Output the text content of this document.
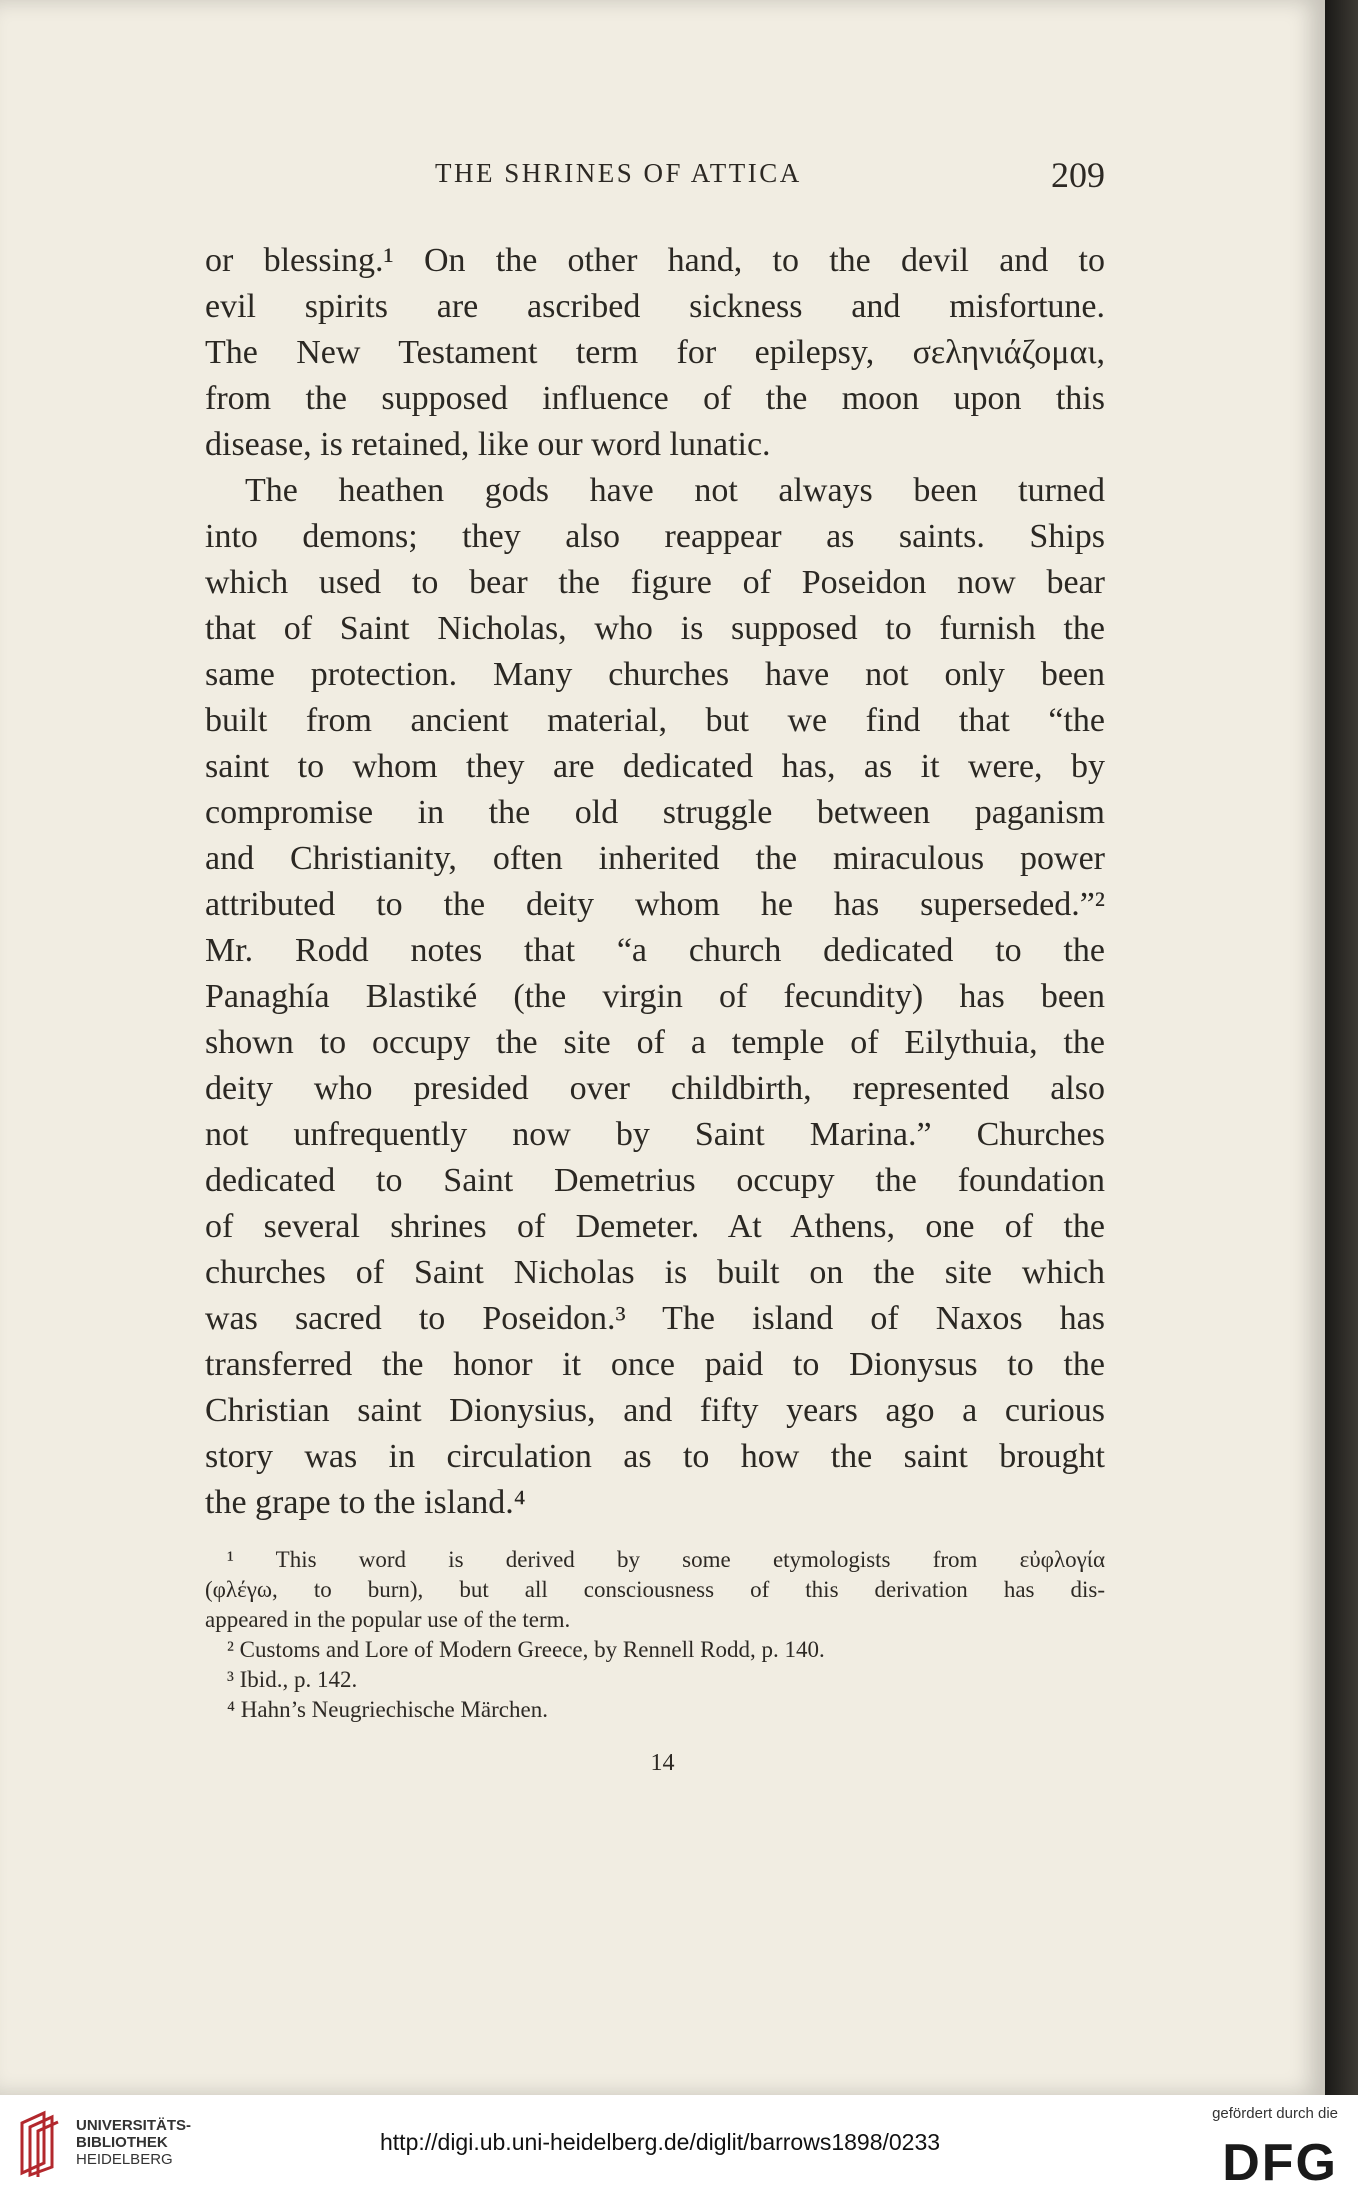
THE SHRINES OF ATTICA	209
or blessing.¹ On the other hand, to the devil and to
evil spirits are ascribed sickness and misfortune.
The New Testament term for epilepsy, σεληνιάζομαι,
from the supposed influence of the moon upon this
disease, is retained, like our word lunatic.
The heathen gods have not always been turned
into demons; they also reappear as saints. Ships
which used to bear the figure of Poseidon now bear
that of Saint Nicholas, who is supposed to furnish the
same protection. Many churches have not only been
built from ancient material, but we find that “the
saint to whom they are dedicated has, as it were, by
compromise in the old struggle between paganism
and Christianity, often inherited the miraculous power
attributed to the deity whom he has superseded.”²
Mr. Rodd notes that “a church dedicated to the
Panaghía Blastiké (the virgin of fecundity) has been
shown to occupy the site of a temple of Eilythuia, the
deity who presided over childbirth, represented also
not unfrequently now by Saint Marina.” Churches
dedicated to Saint Demetrius occupy the foundation
of several shrines of Demeter. At Athens, one of the
churches of Saint Nicholas is built on the site which
was sacred to Poseidon.³ The island of Naxos has
transferred the honor it once paid to Dionysus to the
Christian saint Dionysius, and fifty years ago a curious
story was in circulation as to how the saint brought
the grape to the island.⁴
¹ This word is derived by some etymologists from εὐφλογία
(φλέγω, to burn), but all consciousness of this derivation has dis-
appeared in the popular use of the term.
² Customs and Lore of Modern Greece, by Rennell Rodd, p. 140.
³ Ibid., p. 142.
⁴ Hahn’s Neugriechische Märchen.
14
UNIVERSITÄTS-
BIBLIOTHEK
HEIDELBERG
http://digi.ub.uni-heidelberg.de/diglit/barrows1898/0233
gefördert durch die
DFG
